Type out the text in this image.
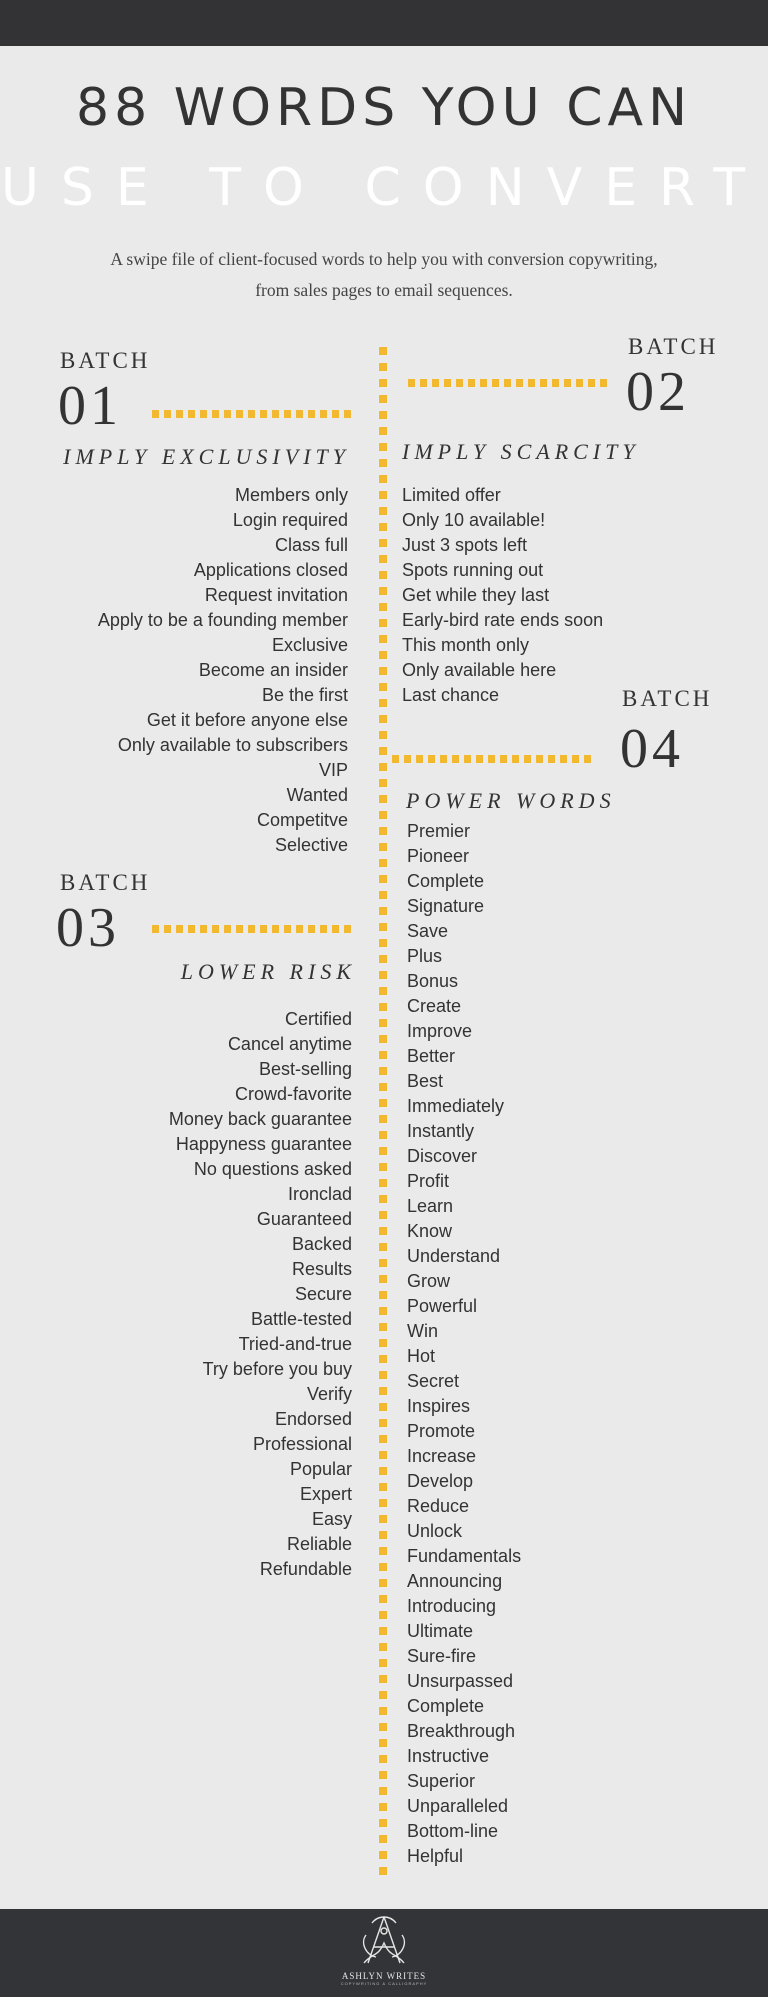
88 WORDS YOU CAN
USE TO CONVERT
A swipe file of client-focused words to help you with conversion copywriting,
from sales pages to email sequences.
BATCH
01
IMPLY EXCLUSIVITY
Members only
Login required
Class full
Applications closed
Request invitation
Apply to be a founding member
Exclusive
Become an insider
Be the first
Get it before anyone else
Only available to subscribers
VIP
Wanted
Competitve
Selective
BATCH
02
IMPLY SCARCITY
Limited offer
Only 10 available!
Just 3 spots left
Spots running out
Get while they last
Early-bird rate ends soon
This month only
Only available here
Last chance
BATCH
03
LOWER RISK
Certified
Cancel anytime
Best-selling
Crowd-favorite
Money back guarantee
Happyness guarantee
No questions asked
Ironclad
Guaranteed
Backed
Results
Secure
Battle-tested
Tried-and-true
Try before you buy
Verify
Endorsed
Professional
Popular
Expert
Easy
Reliable
Refundable
BATCH
04
POWER WORDS
Premier
Pioneer
Complete
Signature
Save
Plus
Bonus
Create
Improve
Better
Best
Immediately
Instantly
Discover
Profit
Learn
Know
Understand
Grow
Powerful
Win
Hot
Secret
Inspires
Promote
Increase
Develop
Reduce
Unlock
Fundamentals
Announcing
Introducing
Ultimate
Sure-fire
Unsurpassed
Complete
Breakthrough
Instructive
Superior
Unparalleled
Bottom-line
Helpful
ASHLYN WRITES
COPYWRITING & CALLIGRAPHY
